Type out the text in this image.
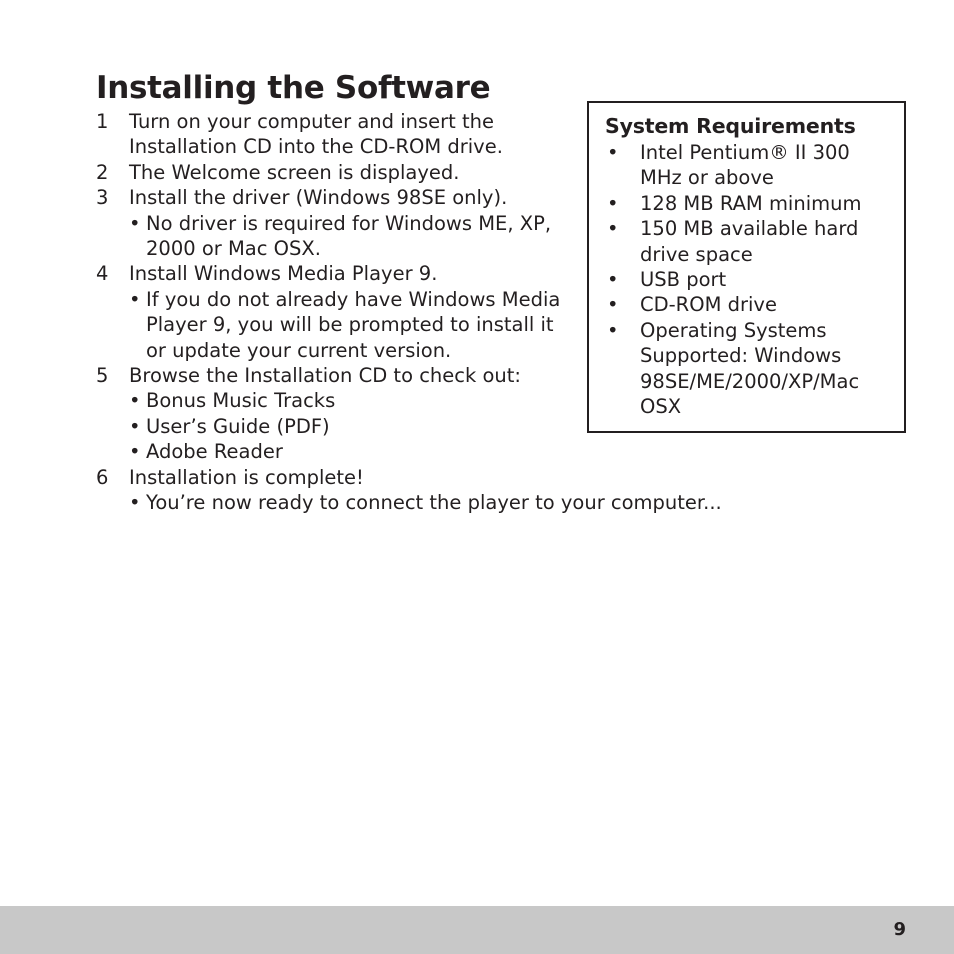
Installing the Software
1 Turn on your computer and insert the Installation CD into the CD-ROM drive.
2 The Welcome screen is displayed.
3 Install the driver (Windows 98SE only).
• No driver is required for Windows ME, XP, 2000 or Mac OSX.
4 Install Windows Media Player 9.
• If you do not already have Windows Media Player 9, you will be prompted to install it or update your current version.
5 Browse the Installation CD to check out:
• Bonus Music Tracks
• User’s Guide (PDF)
• Adobe Reader
6 Installation is complete!
• You’re now ready to connect the player to your computer...
System Requirements
• Intel Pentium® II 300 MHz or above
• 128 MB RAM minimum
• 150 MB available hard drive space
• USB port
• CD-ROM drive
• Operating Systems Supported: Windows 98SE/ME/2000/XP/Mac OSX
9
